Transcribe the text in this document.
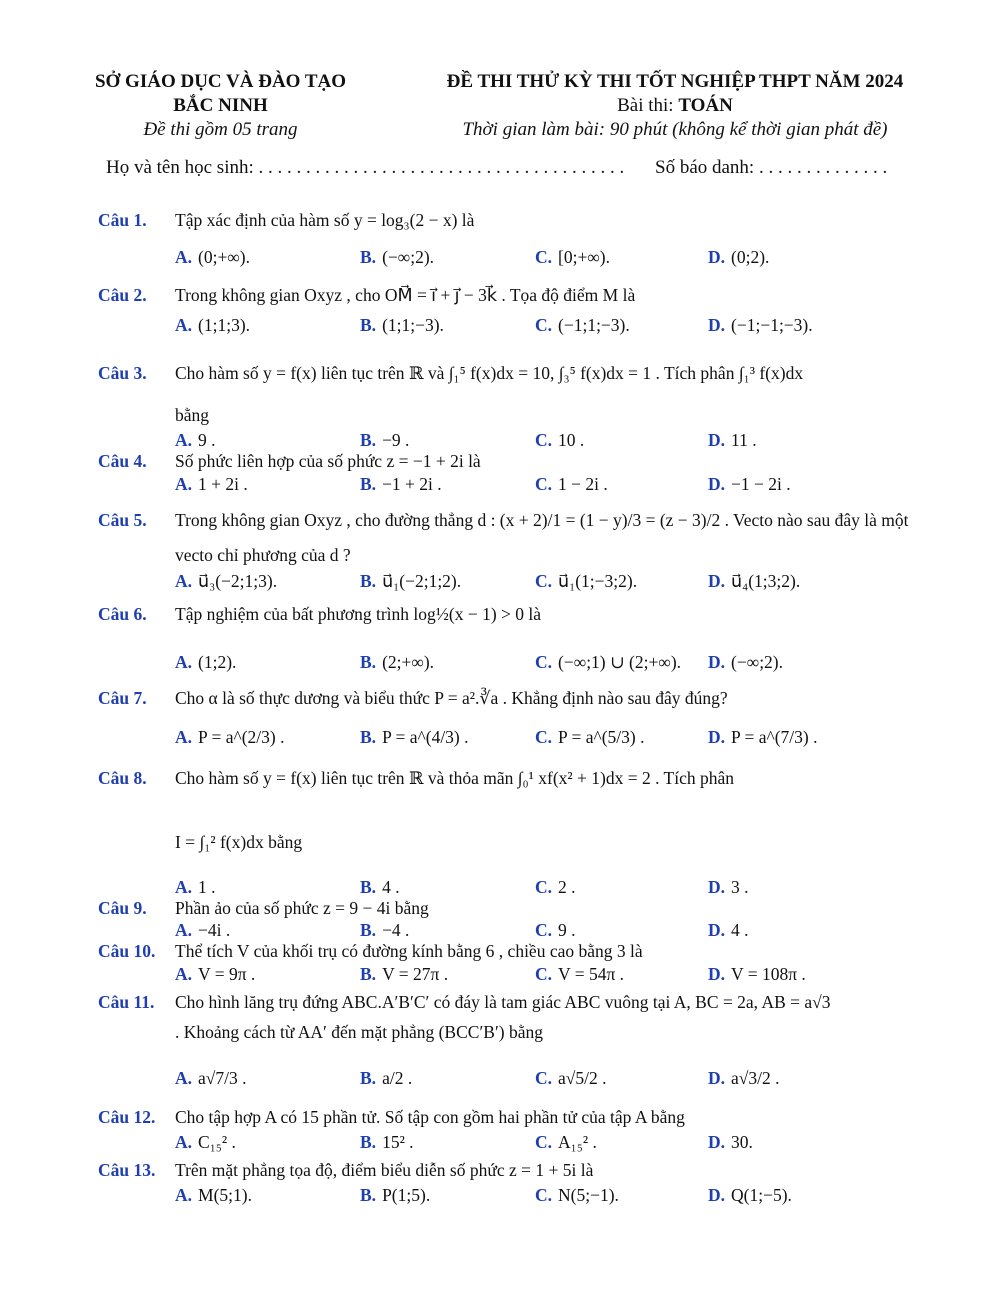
SỞ GIÁO DỤC VÀ ĐÀO TẠO
BẮC NINH
Đề thi gồm 05 trang
ĐỀ THI THỬ KỲ THI TỐT NGHIỆP THPT NĂM 2024
Bài thi: TOÁN
Thời gian làm bài: 90 phút (không kể thời gian phát đề)
Họ và tên học sinh: . . . . . . . . . . . . . . . . . . . . . . . . . . . . . . . . . . . . . . . Số báo danh: . . . . . . . . . . . . . .
Câu 1. Tập xác định của hàm số y = log₃(2 − x) là
A. (0;+∞).	B. (−∞;2).	C. [0;+∞).	D. (0;2).
Câu 2. Trong không gian Oxyz , cho OM⃗ = i⃗ + j⃗ − 3k⃗ . Tọa độ điểm M là
A. (1;1;3).	B. (1;1;−3).	C. (−1;1;−3).	D. (−1;−1;−3).
Câu 3. Cho hàm số y = f(x) liên tục trên ℝ và ∫₁⁵ f(x)dx = 10, ∫₃⁵ f(x)dx = 1 . Tích phân ∫₁³ f(x)dx
bằng
A. 9 .	B. −9 .	C. 10 .	D. 11 .
Câu 4. Số phức liên hợp của số phức z = −1 + 2i là
A. 1 + 2i .	B. −1 + 2i .	C. 1 − 2i .	D. −1 − 2i .
Câu 5. Trong không gian Oxyz , cho đường thẳng d : (x + 2)/1 = (1 − y)/3 = (z − 3)/2 . Vecto nào sau đây là một
vecto chỉ phương của d ?
A. u⃗₃(−2;1;3).	B. u⃗₁(−2;1;2).	C. u⃗₁(1;−3;2).	D. u⃗₄(1;3;2).
Câu 6. Tập nghiệm của bất phương trình log½(x − 1) > 0 là
A. (1;2).	B. (2;+∞).	C. (−∞;1) ∪ (2;+∞). D. (−∞;2).
Câu 7. Cho α là số thực dương và biểu thức P = a².∛a . Khẳng định nào sau đây đúng?
A. P = a^(2/3) .	B. P = a^(4/3) .	C. P = a^(5/3) .	D. P = a^(7/3) .
Câu 8. Cho hàm số y = f(x) liên tục trên ℝ và thỏa mãn ∫₀¹ xf(x² + 1)dx = 2 . Tích phân
I = ∫₁² f(x)dx bằng
A. 1 .	B. 4 .	C. 2 .	D. 3 .
Câu 9. Phần ảo của số phức z = 9 − 4i bằng
A. −4i .	B. −4 .	C. 9 .	D. 4 .
Câu 10. Thể tích V của khối trụ có đường kính bằng 6 , chiều cao bằng 3 là
A. V = 9π .	B. V = 27π .	C. V = 54π .	D. V = 108π .
Câu 11. Cho hình lăng trụ đứng ABC.A′B′C′ có đáy là tam giác ABC vuông tại A, BC = 2a, AB = a√3
. Khoảng cách từ AA′ đến mặt phẳng (BCC′B′) bằng
A. a√7/3 .	B. a/2 .	C. a√5/2 .	D. a√3/2 .
Câu 12. Cho tập hợp A có 15 phần tử. Số tập con gồm hai phần tử của tập A bằng
A. C₁₅² .	B. 15² .	C. A₁₅² .	D. 30.
Câu 13. Trên mặt phẳng tọa độ, điểm biểu diễn số phức z = 1 + 5i là
A. M(5;1).	B. P(1;5).	C. N(5;−1).	D. Q(1;−5).
